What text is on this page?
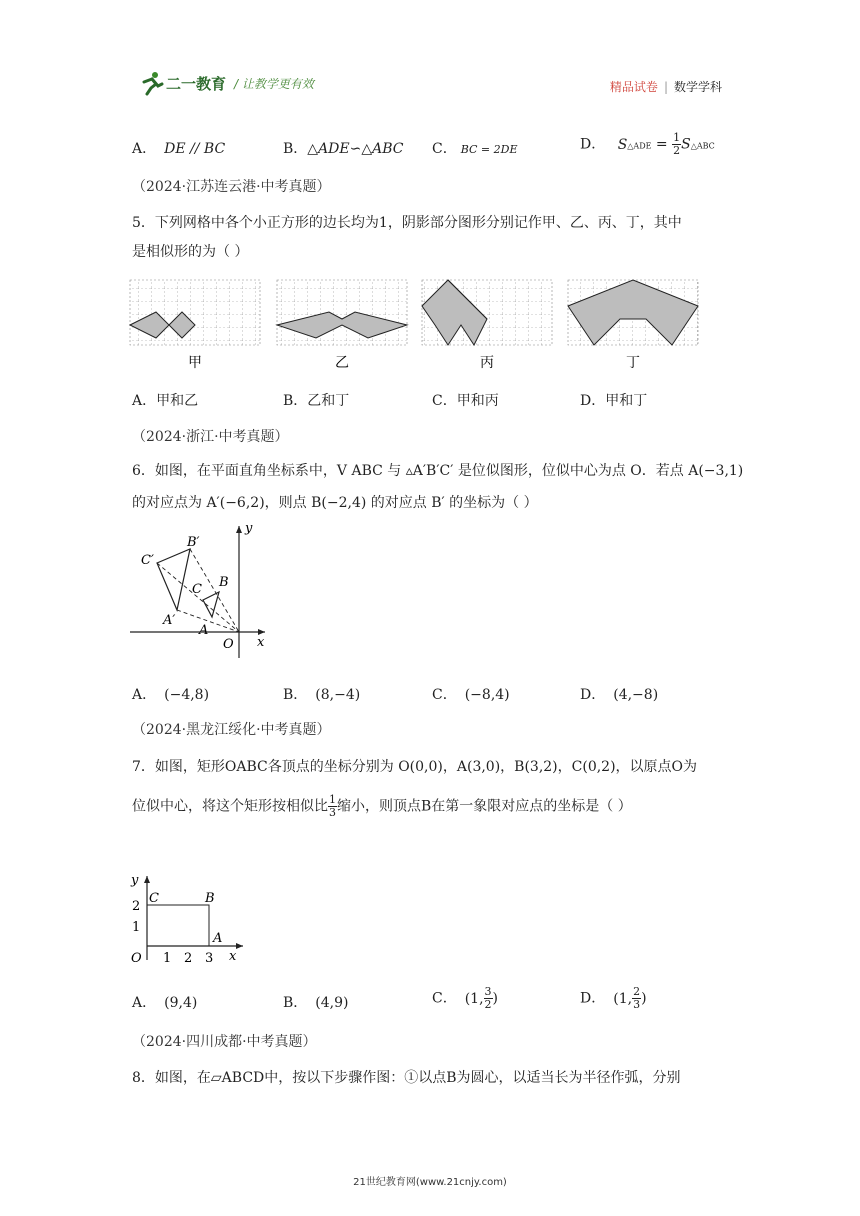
二一教育 / 让教学更有效	精品试卷 | 数学学科
A． DE // BC	B．△ADE∽△ABC C． BC = 2DE	D． S△ADE = $\frac{1}{2}$ S△ABC
（2024·江苏连云港·中考真题）
5．下列网格中各个小正方形的边长均为1，阴影部分图形分别记作甲、乙、丙、丁，其中
是相似形的为（ ）
甲	乙	丙	丁
A．甲和乙	B．乙和丁	C．甲和丙	D．甲和丁
（2024·浙江·中考真题）
6．如图，在平面直角坐标系中，V ABC 与 ▵A′B′C′ 是位似图形，位似中心为点 O．若点 A(−3,1)
的对应点为 A′(−6,2)，则点 B(−2,4) 的对应点 B′ 的坐标为（ ）
B′
C′
C B
A′
A
O x
y
A． (−4,8)	B． (8,−4)	C． (−8,4)	D． (4,−8)
（2024·黑龙江绥化·中考真题）
7．如图，矩形OABC各顶点的坐标分别为 O(0,0)，A(3,0)，B(3,2)，C(0,2)，以原点O为
位似中心，将这个矩形按相似比 $\frac{1}{3}$ 缩小，则顶点B在第一象限对应点的坐标是（ ）
y
C	B
2
1
O 1 2 3
A
x
A． (9,4)	B． (4,9)	C． (1, $\frac{3}{2}$ )	D． (1, $\frac{2}{3}$ )
（2024·四川成都·中考真题）
8．如图，在▱ABCD中，按以下步骤作图：①以点B为圆心，以适当长为半径作弧，分别
21世纪教育网(www.21cnjy.com)
